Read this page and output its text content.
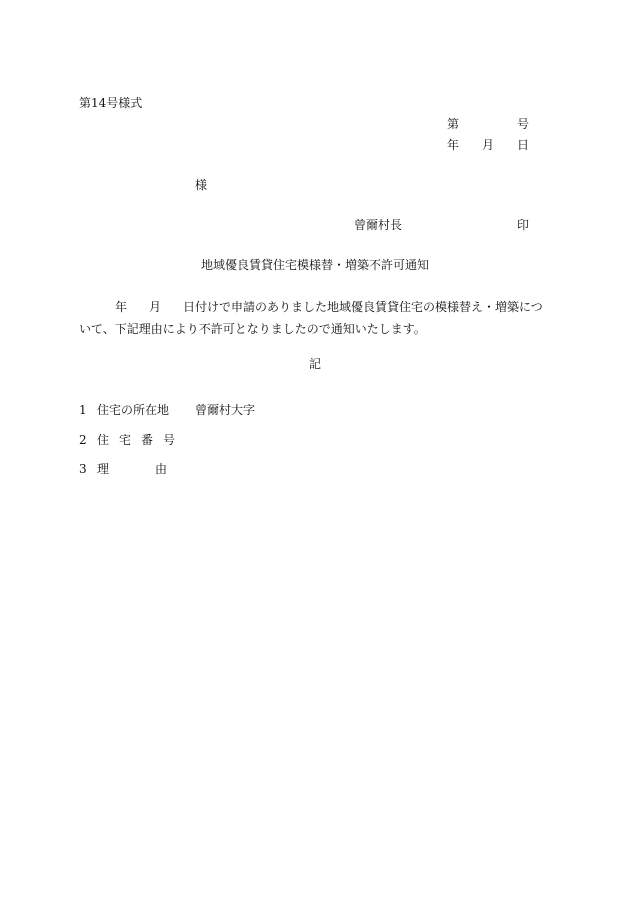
第14号様式
第	号
年 月 日
様
曾爾村長	印
地域優良賃貸住宅模様替・増築不許可通知
年 月 日付けで申請のありました地域優良賃貸住宅の模様替え・増築について、下記理由により不許可となりましたので通知いたします。
記
1 住宅の所在地 曾爾村大字
2 住宅番号
3 理由
